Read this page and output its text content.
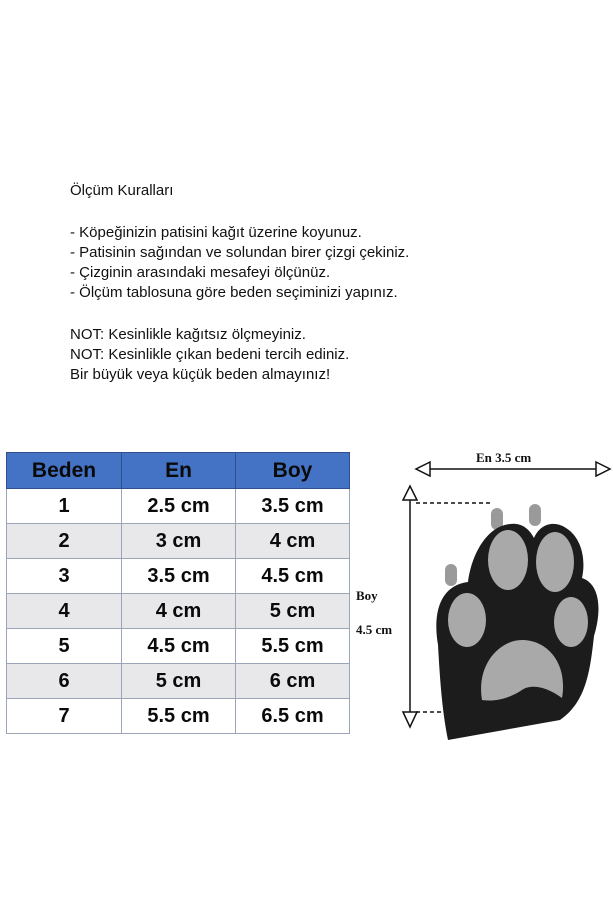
Ölçüm Kuralları

- Köpeğinizin patisini kağıt üzerine koyunuz.

- Patisinin sağından ve solundan birer çizgi çekiniz.

- Çizginin arasındaki mesafeyi ölçünüz.

- Ölçüm tablosuna göre beden seçiminizi yapınız.

NOT: Kesinlikle kağıtsız ölçmeyiniz.

NOT: Kesinlikle çıkan bedeni tercih ediniz.

Bir büyük veya küçük beden almayınız!

Beden	En	Boy
1	2.5 cm	3.5 cm
2	3 cm	4 cm
3	3.5 cm	4.5 cm
4	4 cm	5 cm
5	4.5 cm	5.5 cm
6	5 cm	6 cm
7	5.5 cm	6.5 cm
En 3.5 cm
Boy
4.5 cm
